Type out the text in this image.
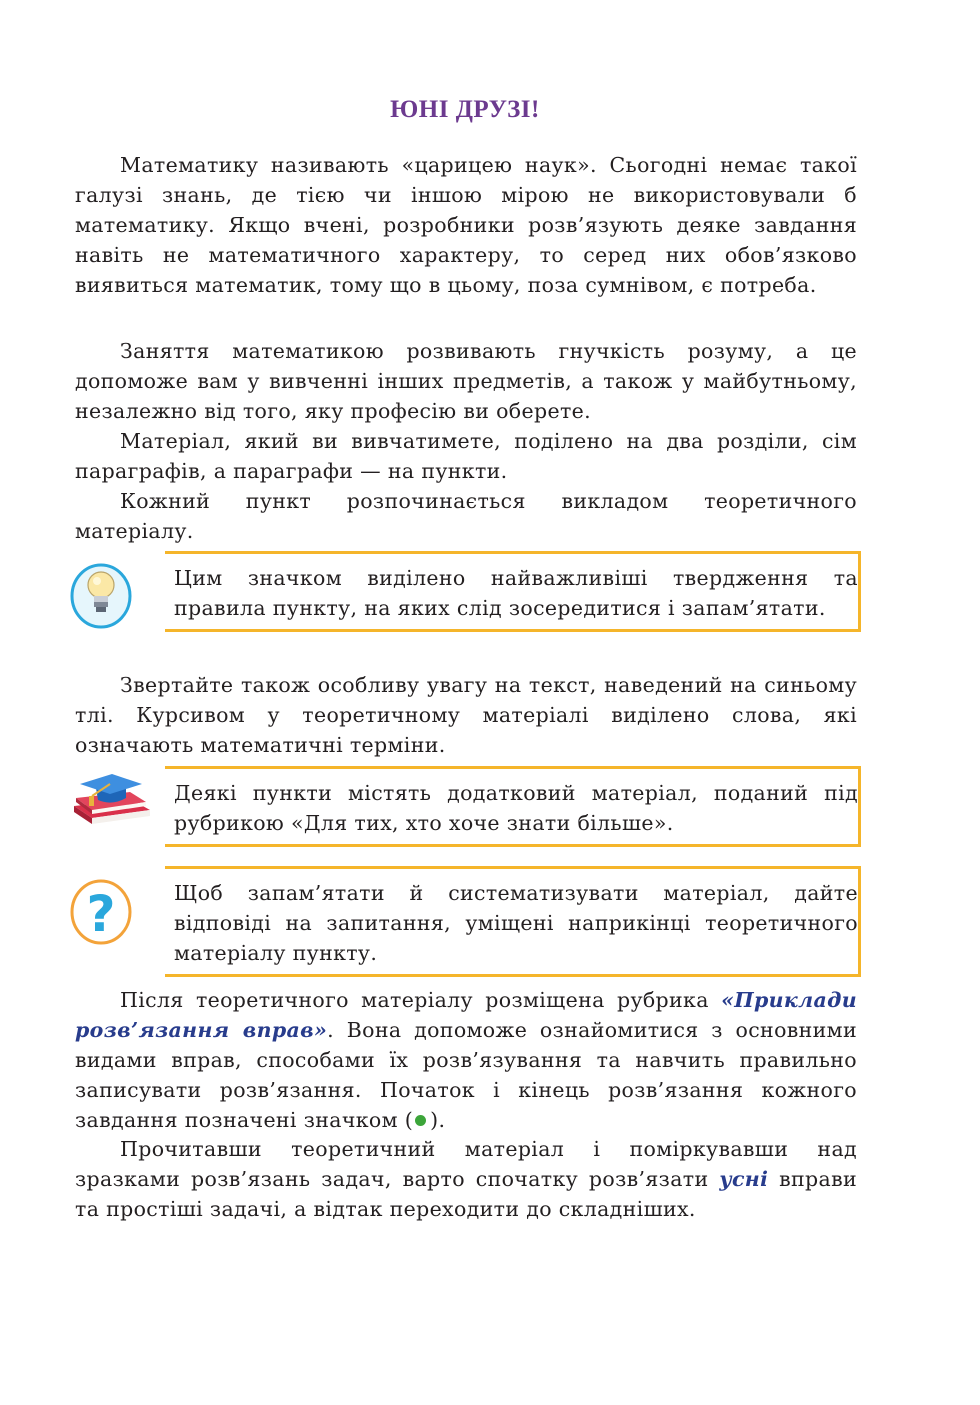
ЮНІ ДРУЗІ!

Математику називають «царицею наук». Сьогодні немає такої галузі знань, де тією чи іншою мірою не використовували б математику. Якщо вчені, розробники розв’язують деяке завдання навіть не математичного характеру, то серед них обов’язково виявиться математик, тому що в цьому, поза сумнівом, є потреба.

Заняття математикою розвивають гнучкість розуму, а це допоможе вам у вивченні інших предметів, а також у майбутньому, незалежно від того, яку професію ви оберете.

Матеріал, який ви вивчатимете, поділено на два розділи, сім параграфів, а параграфи — на пункти.

Кожний пункт розпочинається викладом теоретичного матеріалу.

Цим значком виділено найважливіші твердження та правила пункту, на яких слід зосередитися і запам’ятати.

Звертайте також особливу увагу на текст, наведений на синьому тлі. Курсивом у теоретичному матеріалі виділено слова, які означають математичні терміни.

Деякі пункти містять додатковий матеріал, поданий під рубрикою «Для тих, хто хоче знати більше».
?	Щоб запам’ятати й систематизувати матеріал, дайте відповіді на запитання, уміщені наприкінці теоретичного матеріалу пункту.

Після теоретичного матеріалу розміщена рубрика «Приклади розв’язання вправ». Вона допоможе ознайомитися з основними видами вправ, способами їх розв’язування та навчить правильно записувати розв’язання. Початок і кінець розв’язання кожного завдання позначені значком ( ).

Прочитавши теоретичний матеріал і поміркувавши над зразками розв’язань задач, варто спочатку розв’язати усні вправи та простіші задачі, а відтак переходити до складніших.
